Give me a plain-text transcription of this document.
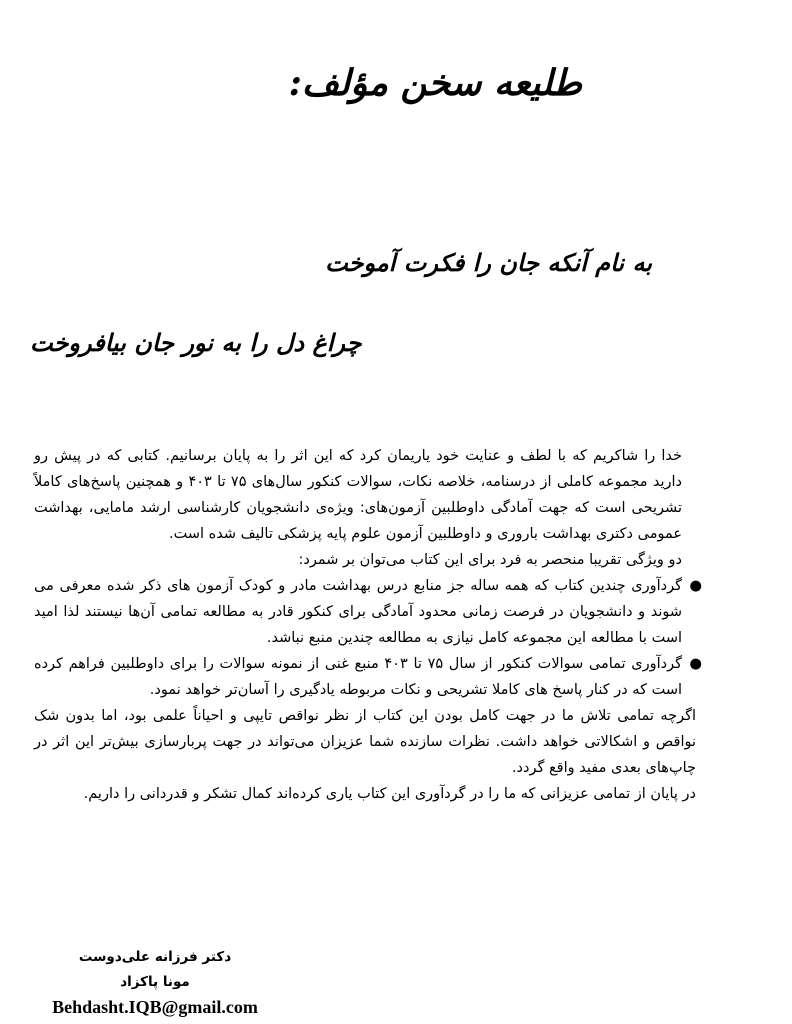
طلیعه سخن مؤلف:
به نام آنکه جان را فکرت آموخت
چراغ دل را به نور جان بیافروخت

خدا را شاکریم که با لطف و عنایت خود یاریمان کرد که این اثر را به پایان برسانیم. کتابی که در پیش رو دارید مجموعه کاملی از درسنامه، خلاصه نکات، سوالات کنکور سال‌های ۷۵ تا ۴۰۳ و همچنین پاسخ‌های کاملاً تشریحی است که جهت آمادگی داوطلبین آزمون‌های: ویژه‌ی دانشجویان کارشناسی ارشد مامایی، بهداشت عمومی دکتری بهداشت باروری و داوطلبین آزمون علوم پایه پزشکی تالیف شده است.

دو ویژگی تقریبا منحصر به فرد برای این کتاب می‌توان بر شمرد:

●
گردآوری چندین کتاب که همه ساله جز منابع درس بهداشت مادر و کودک آزمون های ذکر شده معرفی می شوند و دانشجویان در فرصت زمانی محدود آمادگی برای کنکور قادر به مطالعه تمامی آن‌ها نیستند لذا امید است با مطالعه این مجموعه کامل نیازی به مطالعه چندین منبع نباشد.
●
گردآوری تمامی سوالات کنکور از سال ۷۵ تا ۴۰۳ منبع غنی از نمونه سوالات را برای داوطلبین فراهم کرده است که در کنار پاسخ های کاملا تشریحی و نکات مربوطه یادگیری را آسان‌تر خواهد نمود.

اگرچه تمامی تلاش ما در جهت کامل بودن این کتاب از نظر نواقص تایپی و احیاناً علمی بود، اما بدون شک نواقص و اشکالاتی خواهد داشت. نظرات سازنده شما عزیزان می‌تواند در جهت پربارسازی بیش‌تر این اثر در چاپ‌های بعدی مفید واقع گردد.

در پایان از تمامی عزیزانی که ما را در گردآوری این کتاب یاری کرده‌اند کمال تشکر و قدردانی را داریم.

دکتر فرزانه علی‌دوست
مونا پاکزاد
Behdasht.IQB@gmail.com
